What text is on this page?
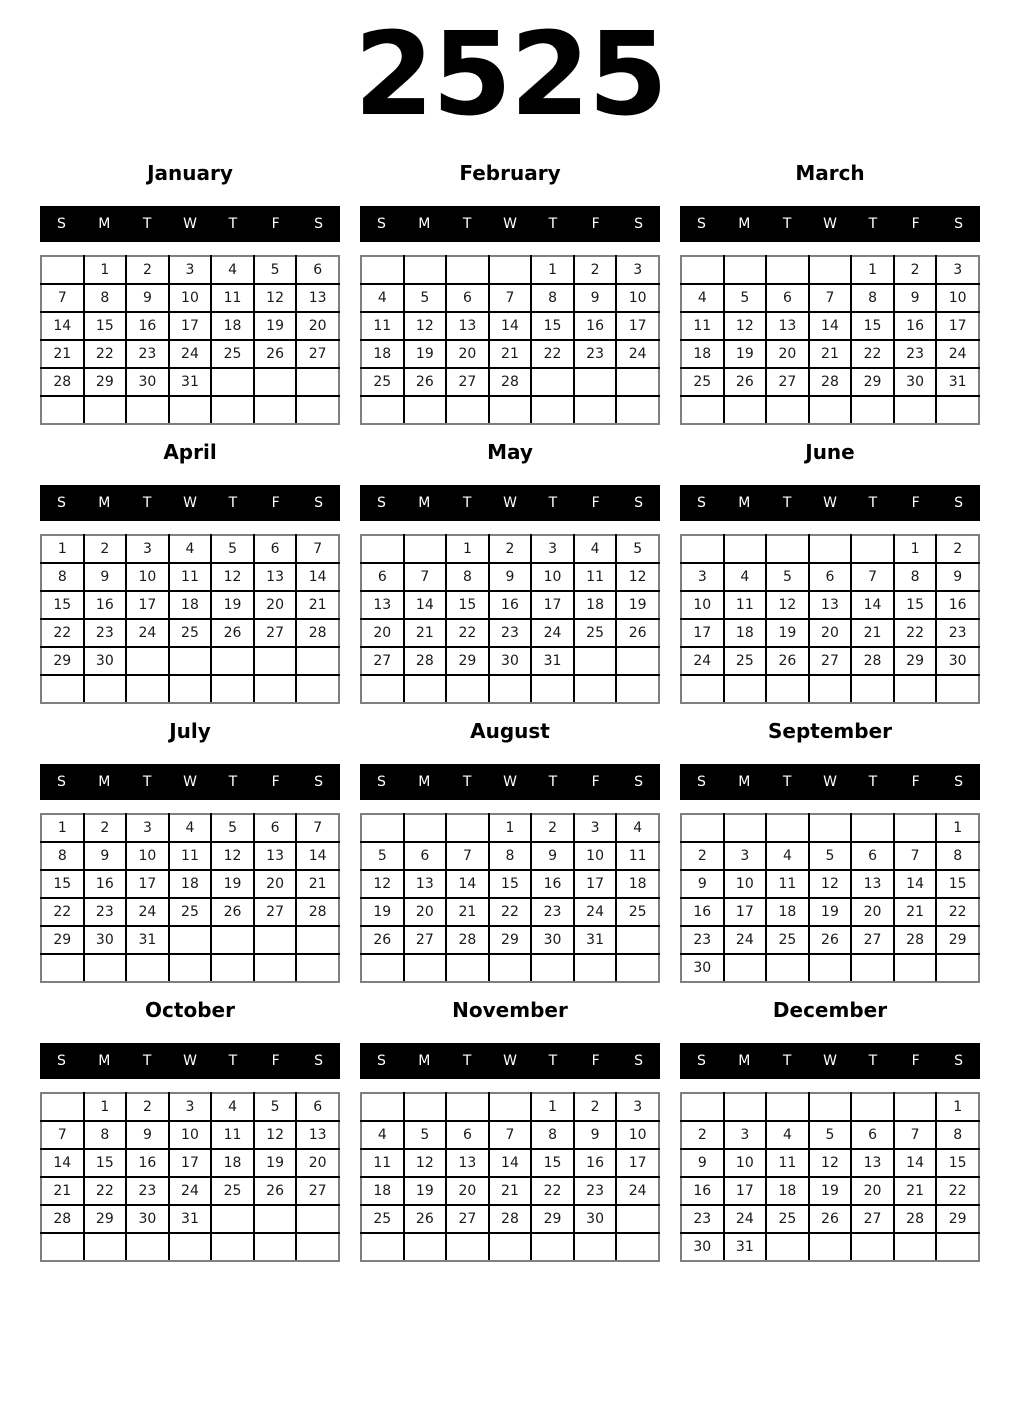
2525
January
S	M	T	W	T	F	S
	1	2	3	4	5	6
7	8	9	10	11	12	13
14	15	16	17	18	19	20
21	22	23	24	25	26	27
28	29	30	31			

February
S	M	T	W	T	F	S
				1	2	3
4	5	6	7	8	9	10
11	12	13	14	15	16	17
18	19	20	21	22	23	24
25	26	27	28			

March
S	M	T	W	T	F	S
				1	2	3
4	5	6	7	8	9	10
11	12	13	14	15	16	17
18	19	20	21	22	23	24
25	26	27	28	29	30	31

April
S	M	T	W	T	F	S
1	2	3	4	5	6	7
8	9	10	11	12	13	14
15	16	17	18	19	20	21
22	23	24	25	26	27	28
29	30					

May
S	M	T	W	T	F	S
		1	2	3	4	5
6	7	8	9	10	11	12
13	14	15	16	17	18	19
20	21	22	23	24	25	26
27	28	29	30	31		

June
S	M	T	W	T	F	S
					1	2
3	4	5	6	7	8	9
10	11	12	13	14	15	16
17	18	19	20	21	22	23
24	25	26	27	28	29	30

July
S	M	T	W	T	F	S
1	2	3	4	5	6	7
8	9	10	11	12	13	14
15	16	17	18	19	20	21
22	23	24	25	26	27	28
29	30	31				

August
S	M	T	W	T	F	S
			1	2	3	4
5	6	7	8	9	10	11
12	13	14	15	16	17	18
19	20	21	22	23	24	25
26	27	28	29	30	31	

September
S	M	T	W	T	F	S
						1
2	3	4	5	6	7	8
9	10	11	12	13	14	15
16	17	18	19	20	21	22
23	24	25	26	27	28	29
30						
October
S	M	T	W	T	F	S
	1	2	3	4	5	6
7	8	9	10	11	12	13
14	15	16	17	18	19	20
21	22	23	24	25	26	27
28	29	30	31			

November
S	M	T	W	T	F	S
				1	2	3
4	5	6	7	8	9	10
11	12	13	14	15	16	17
18	19	20	21	22	23	24
25	26	27	28	29	30	

December
S	M	T	W	T	F	S
						1
2	3	4	5	6	7	8
9	10	11	12	13	14	15
16	17	18	19	20	21	22
23	24	25	26	27	28	29
30	31					
